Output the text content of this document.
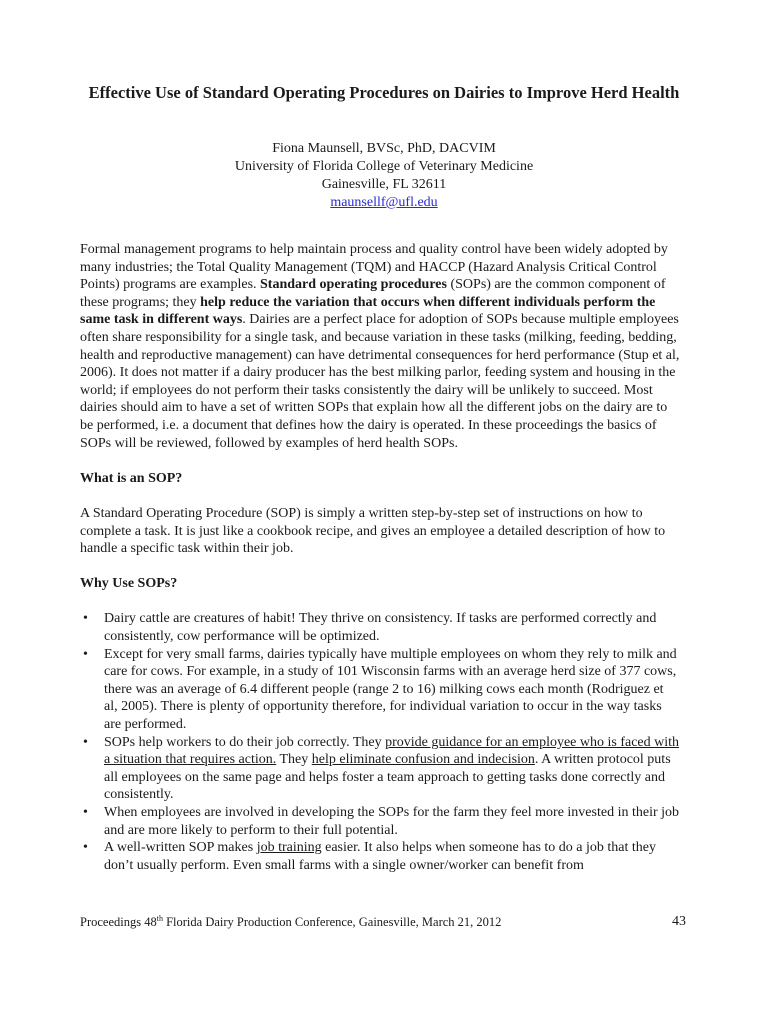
Effective Use of Standard Operating Procedures on Dairies to Improve Herd Health
Fiona Maunsell, BVSc, PhD, DACVIM
University of Florida College of Veterinary Medicine
Gainesville, FL 32611
maunsellf@ufl.edu

Formal management programs to help maintain process and quality control have been widely adopted by many industries; the Total Quality Management (TQM) and HACCP (Hazard Analysis Critical Control Points) programs are examples. Standard operating procedures (SOPs) are the common component of these programs; they help reduce the variation that occurs when different individuals perform the same task in different ways. Dairies are a perfect place for adoption of SOPs because multiple employees often share responsibility for a single task, and because variation in these tasks (milking, feeding, bedding, health and reproductive management) can have detrimental consequences for herd performance (Stup et al, 2006). It does not matter if a dairy producer has the best milking parlor, feeding system and housing in the world; if employees do not perform their tasks consistently the dairy will be unlikely to succeed. Most dairies should aim to have a set of written SOPs that explain how all the different jobs on the dairy are to be performed, i.e. a document that defines how the dairy is operated. In these proceedings the basics of SOPs will be reviewed, followed by examples of herd health SOPs.

What is an SOP?

A Standard Operating Procedure (SOP) is simply a written step-by-step set of instructions on how to complete a task. It is just like a cookbook recipe, and gives an employee a detailed description of how to handle a specific task within their job.

Why Use SOPs?

• Dairy cattle are creatures of habit! They thrive on consistency. If tasks are performed correctly and consistently, cow performance will be optimized.
• Except for very small farms, dairies typically have multiple employees on whom they rely to milk and care for cows. For example, in a study of 101 Wisconsin farms with an average herd size of 377 cows, there was an average of 6.4 different people (range 2 to 16) milking cows each month (Rodriguez et al, 2005). There is plenty of opportunity therefore, for individual variation to occur in the way tasks are performed.
• SOPs help workers to do their job correctly. They provide guidance for an employee who is faced with a situation that requires action. They help eliminate confusion and indecision. A written protocol puts all employees on the same page and helps foster a team approach to getting tasks done correctly and consistently.
• When employees are involved in developing the SOPs for the farm they feel more invested in their job and are more likely to perform to their full potential.
• A well-written SOP makes job training easier. It also helps when someone has to do a job that they don’t usually perform. Even small farms with a single owner/worker can benefit from
Proceedings 48th Florida Dairy Production Conference, Gainesville, March 21, 2012	43
